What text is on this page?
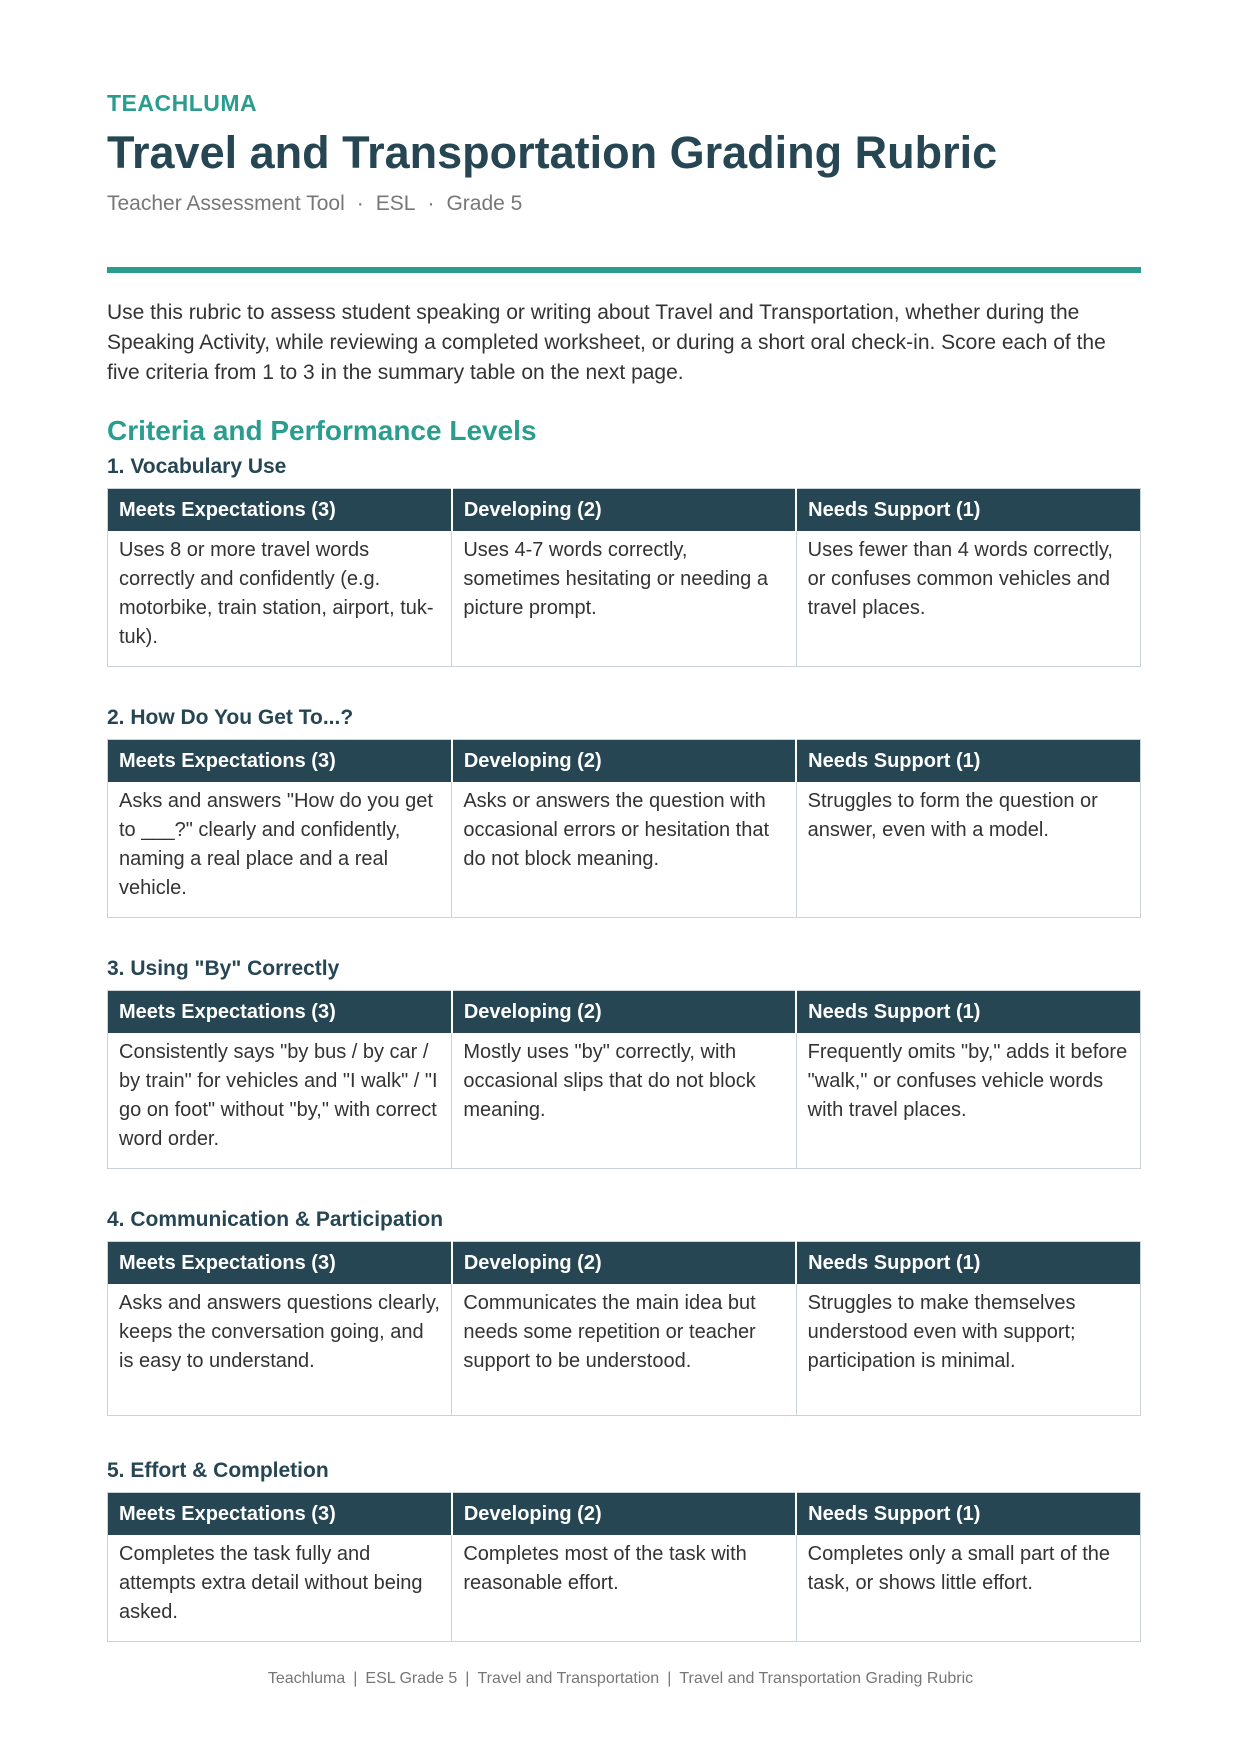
TEACHLUMA
Travel and Transportation Grading Rubric
Teacher Assessment Tool · ESL · Grade 5
Use this rubric to assess student speaking or writing about Travel and Transportation, whether during the Speaking Activity, while reviewing a completed worksheet, or during a short oral check-in. Score each of the five criteria from 1 to 3 in the summary table on the next page.
Criteria and Performance Levels
1. Vocabulary Use
Meets Expectations (3)	Developing (2)	Needs Support (1)
Uses 8 or more travel words correctly and confidently (e.g. motorbike, train station, airport, tuk-tuk).	Uses 4-7 words correctly, sometimes hesitating or needing a picture prompt.	Uses fewer than 4 words correctly, or confuses common vehicles and travel places.
2. How Do You Get To...?
Meets Expectations (3)	Developing (2)	Needs Support (1)
Asks and answers "How do you get to ___?" clearly and confidently, naming a real place and a real vehicle.	Asks or answers the question with occasional errors or hesitation that do not block meaning.	Struggles to form the question or answer, even with a model.
3. Using "By" Correctly
Meets Expectations (3)	Developing (2)	Needs Support (1)
Consistently says "by bus / by car / by train" for vehicles and "I walk" / "I go on foot" without "by," with correct word order.	Mostly uses "by" correctly, with occasional slips that do not block meaning.	Frequently omits "by," adds it before "walk," or confuses vehicle words with travel places.
4. Communication & Participation
Meets Expectations (3)	Developing (2)	Needs Support (1)
Asks and answers questions clearly, keeps the conversation going, and is easy to understand.	Communicates the main idea but needs some repetition or teacher support to be understood.	Struggles to make themselves understood even with support; participation is minimal.
5. Effort & Completion
Meets Expectations (3)	Developing (2)	Needs Support (1)
Completes the task fully and attempts extra detail without being asked.	Completes most of the task with reasonable effort.	Completes only a small part of the task, or shows little effort.
Teachluma | ESL Grade 5 | Travel and Transportation | Travel and Transportation Grading Rubric
